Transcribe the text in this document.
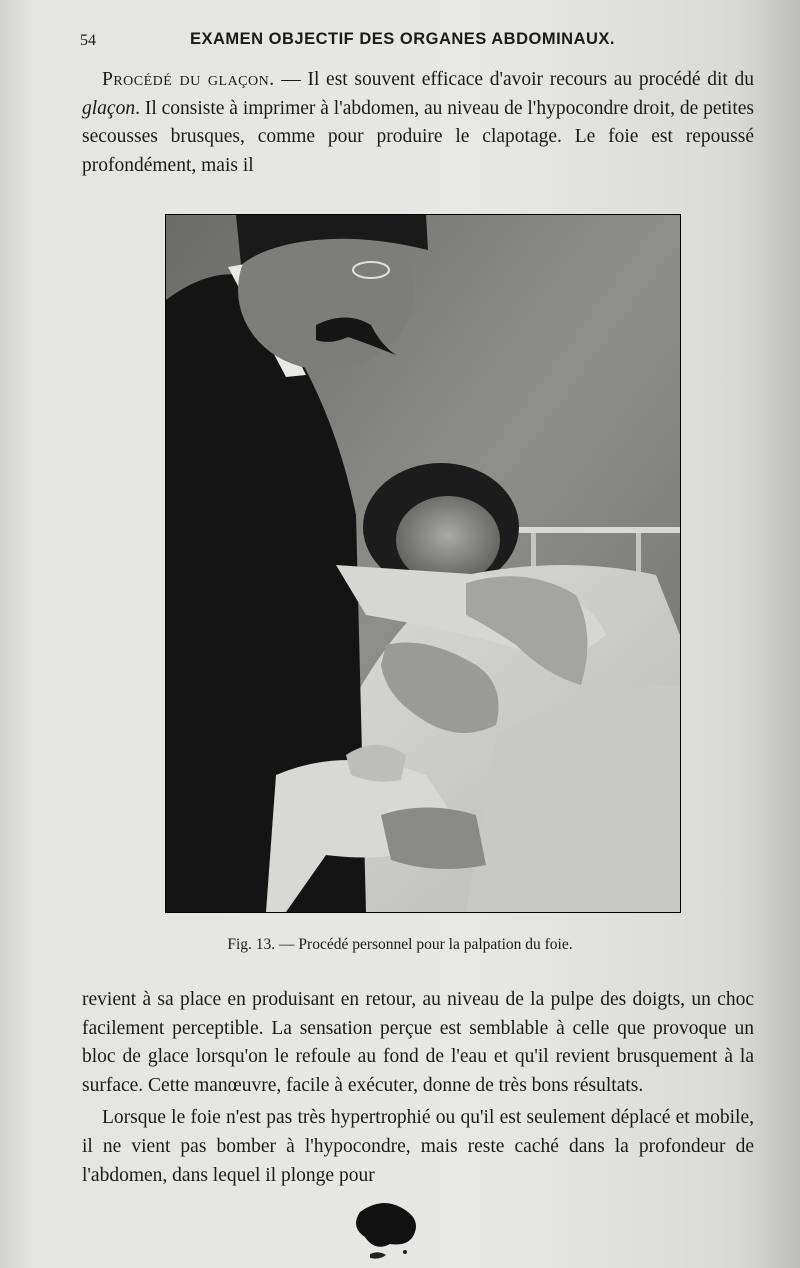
54	EXAMEN OBJECTIF DES ORGANES ABDOMINAUX.

Procédé du glaçon. — Il est souvent efficace d'avoir recours au procédé dit du glaçon. Il consiste à imprimer à l'abdomen, au niveau de l'hypocondre droit, de petites secousses brusques, comme pour produire le clapotage. Le foie est repoussé profondément, mais il

Fig. 13. — Procédé personnel pour la palpation du foie.

revient à sa place en produisant en retour, au niveau de la pulpe des doigts, un choc facilement perceptible. La sensation perçue est semblable à celle que provoque un bloc de glace lorsqu'on le refoule au fond de l'eau et qu'il revient brusquement à la surface. Cette manœuvre, facile à exécuter, donne de très bons résultats.

Lorsque le foie n'est pas très hypertrophié ou qu'il est seulement déplacé et mobile, il ne vient pas bomber à l'hypocondre, mais reste caché dans la profondeur de l'abdomen, dans lequel il plonge pour
